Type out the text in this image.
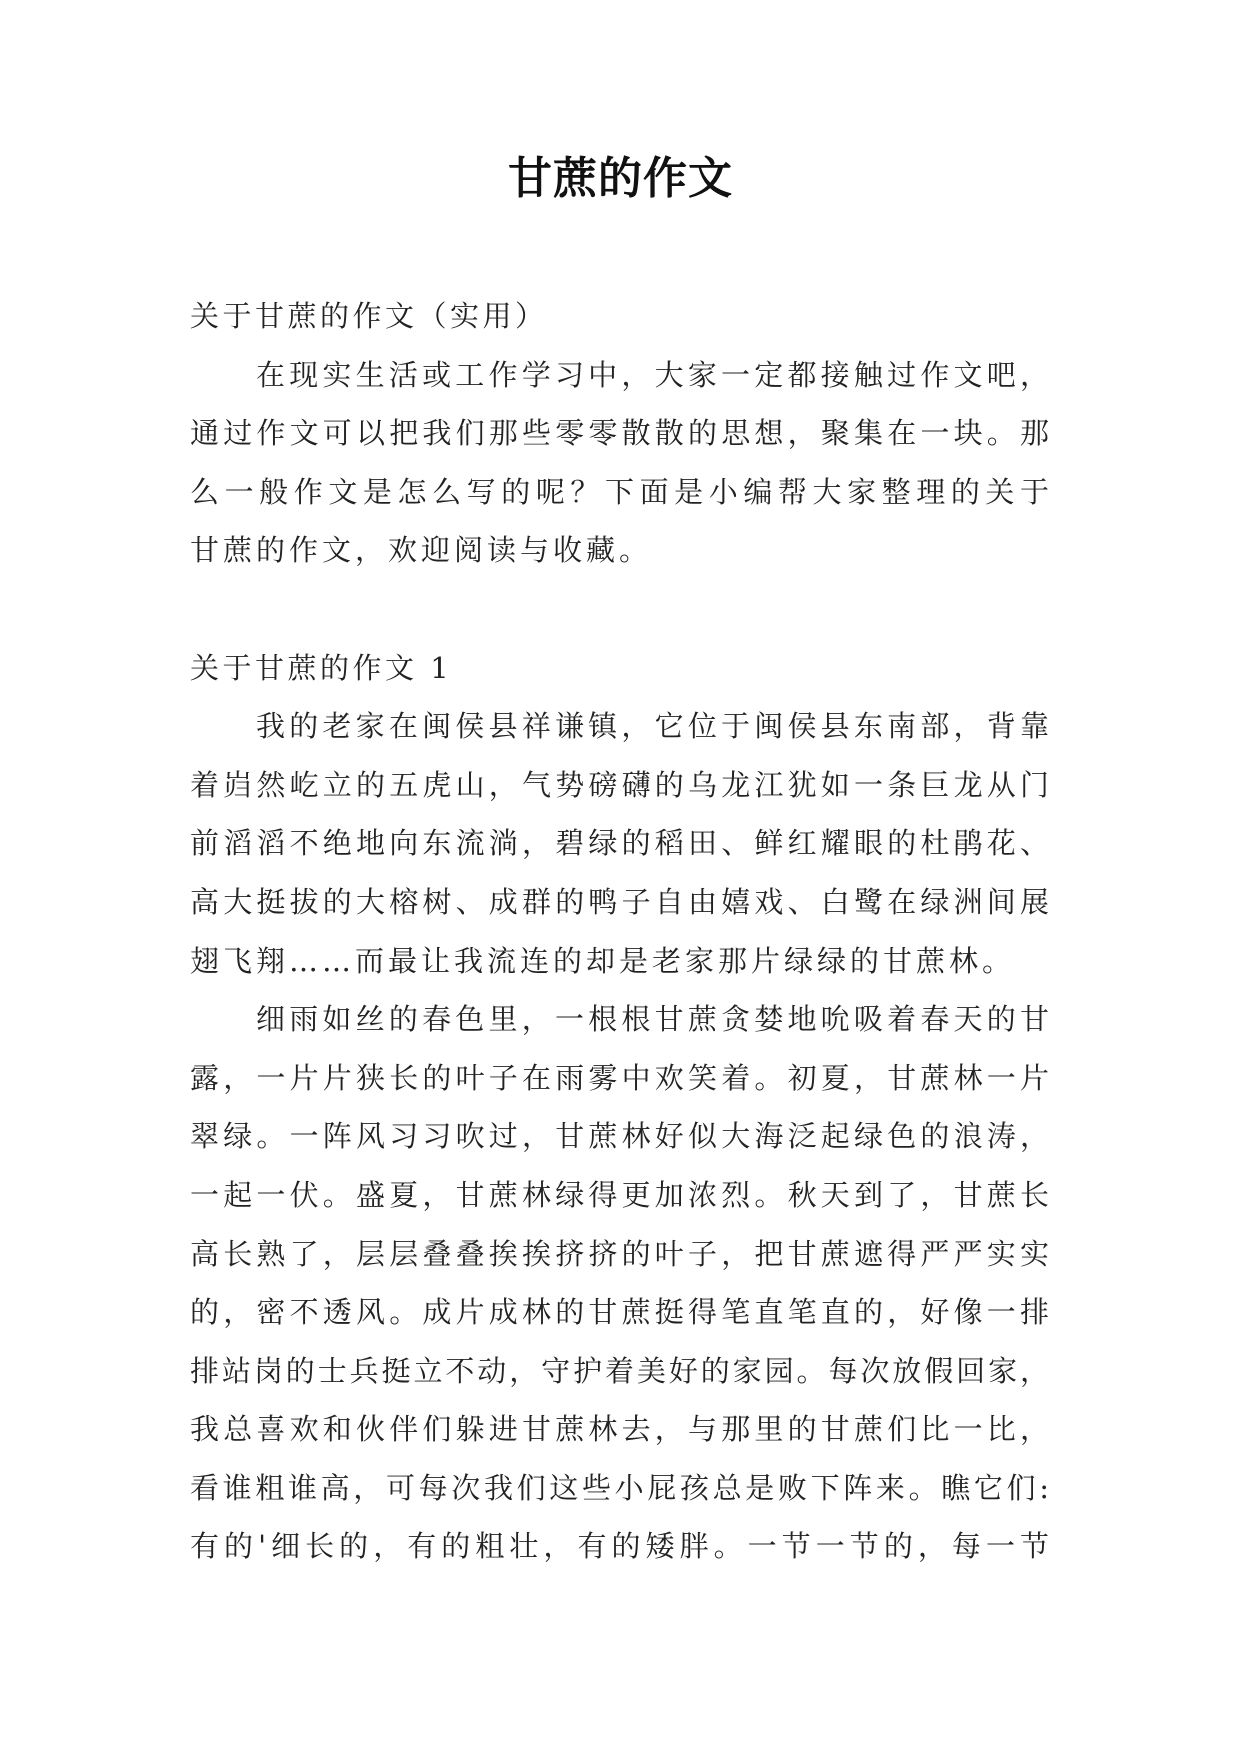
甘蔗的作文
关于甘蔗的作文（实用）
在现实生活或工作学习中，大家一定都接触过作文吧，
通过作文可以把我们那些零零散散的思想，聚集在一块。那
么一般作文是怎么写的呢？下面是小编帮大家整理的关于
甘蔗的作文，欢迎阅读与收藏。
关于甘蔗的作文 1
我的老家在闽侯县祥谦镇，它位于闽侯县东南部，背靠
着岿然屹立的五虎山，气势磅礴的乌龙江犹如一条巨龙从门
前滔滔不绝地向东流淌，碧绿的稻田、鲜红耀眼的杜鹃花、
高大挺拔的大榕树、成群的鸭子自由嬉戏、白鹭在绿洲间展
翅飞翔……而最让我流连的却是老家那片绿绿的甘蔗林。
细雨如丝的春色里，一根根甘蔗贪婪地吮吸着春天的甘
露，一片片狭长的叶子在雨雾中欢笑着。初夏，甘蔗林一片
翠绿。一阵风习习吹过，甘蔗林好似大海泛起绿色的浪涛，
一起一伏。盛夏，甘蔗林绿得更加浓烈。秋天到了，甘蔗长
高长熟了，层层叠叠挨挨挤挤的叶子，把甘蔗遮得严严实实
的，密不透风。成片成林的甘蔗挺得笔直笔直的，好像一排
排站岗的士兵挺立不动，守护着美好的家园。每次放假回家，
我总喜欢和伙伴们躲进甘蔗林去，与那里的甘蔗们比一比，
看谁粗谁高，可每次我们这些小屁孩总是败下阵来。瞧它们:
有的'细长的，有的粗壮，有的矮胖。一节一节的，每一节
